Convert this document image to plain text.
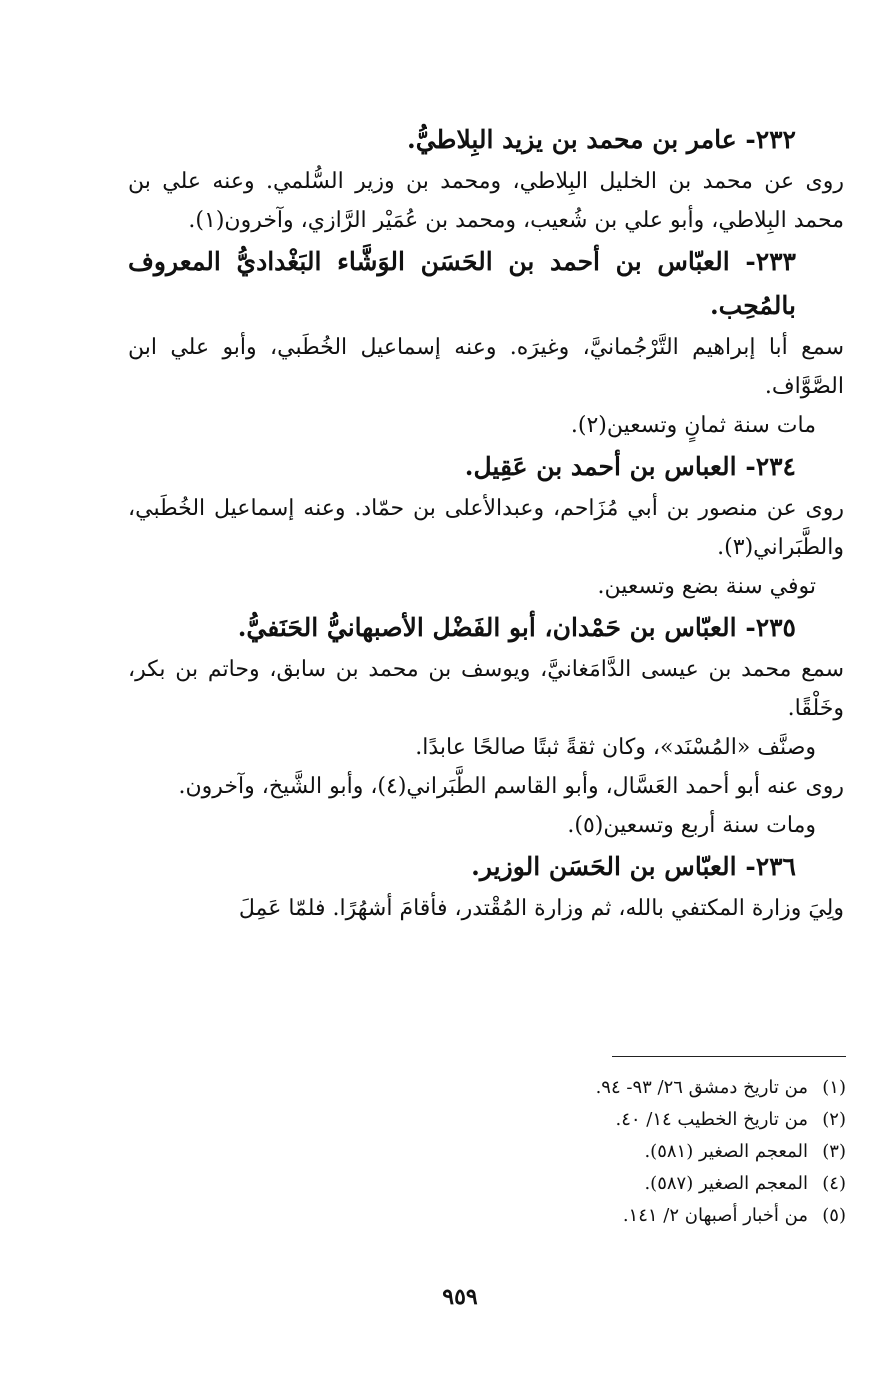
٢٣٢- عامر بن محمد بن يزيد البِلاطيُّ.

روى عن محمد بن الخليل البِلاطي، ومحمد بن وزير السُّلمي. وعنه علي بن محمد البِلاطي، وأبو علي بن شُعيب، ومحمد بن عُمَيْر الرَّازي، وآخرون(١).

٢٣٣- العبّاس بن أحمد بن الحَسَن الوَشَّاء البَغْداديُّ المعروف بالمُحِب.

سمع أبا إبراهيم التَّرْجُمانيَّ، وغيرَه. وعنه إسماعيل الخُطَبي، وأبو علي ابن الصَّوَّاف.

مات سنة ثمانٍ وتسعين(٢).

٢٣٤- العباس بن أحمد بن عَقِيل.

روى عن منصور بن أبي مُزَاحم، وعبدالأعلى بن حمّاد. وعنه إسماعيل الخُطَبي، والطَّبَراني(٣).

توفي سنة بضع وتسعين.

٢٣٥- العبّاس بن حَمْدان، أبو الفَضْل الأصبهانيُّ الحَنَفيُّ.

سمع محمد بن عيسى الدَّامَغانيَّ، ويوسف بن محمد بن سابق، وحاتم بن بكر، وخَلْقًا.

وصنَّف «المُسْنَد»، وكان ثقةً ثبتًا صالحًا عابدًا.

روى عنه أبو أحمد العَسَّال، وأبو القاسم الطَّبَراني(٤)، وأبو الشَّيخ، وآخرون.

ومات سنة أربع وتسعين(٥).

٢٣٦- العبّاس بن الحَسَن الوزير.

ولِيَ وزارة المكتفي بالله، ثم وزارة المُقْتدر، فأقامَ أشهُرًا. فلمّا عَمِلَ

(١)من تاريخ دمشق ٢٦/ ٩٣- ٩٤.
(٢)من تاريخ الخطيب ١٤/ ٤٠.
(٣)المعجم الصغير (٥٨١).
(٤)المعجم الصغير (٥٨٧).
(٥)من أخبار أصبهان ٢/ ١٤١.
٩٥٩
